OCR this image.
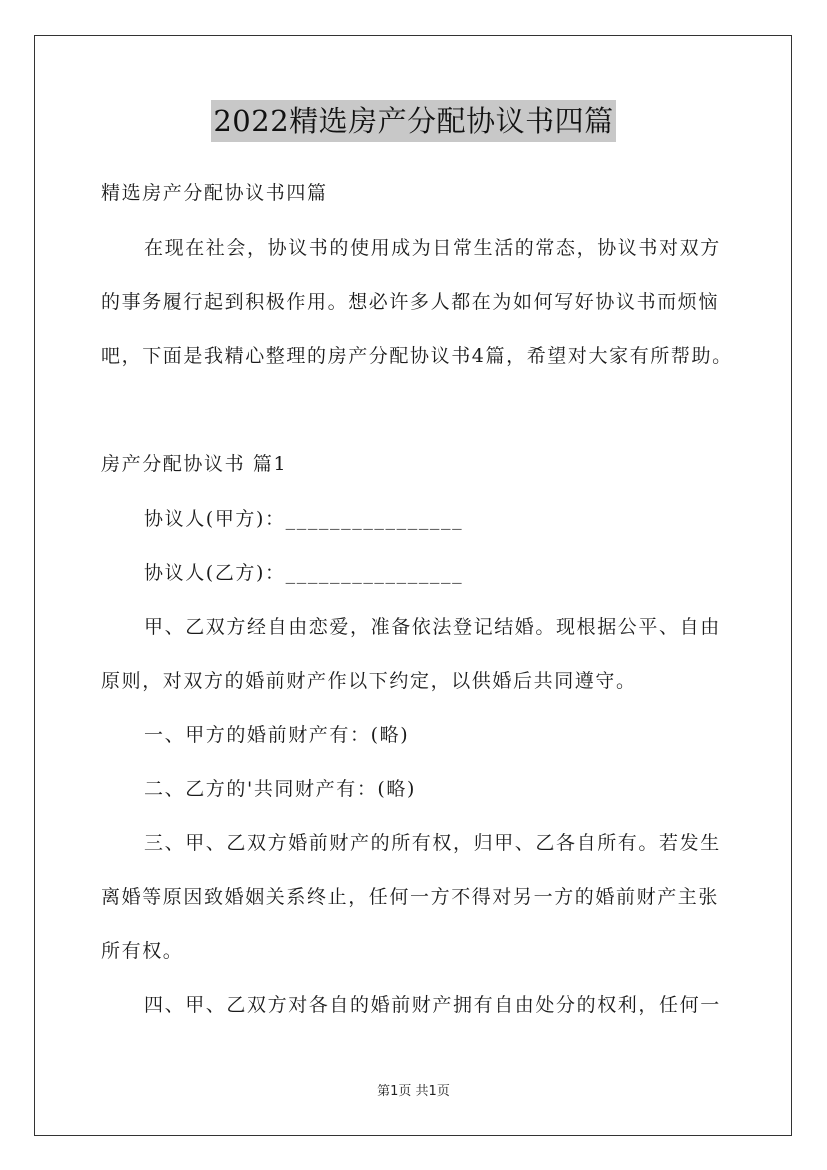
2022精选房产分配协议书四篇
精选房产分配协议书四篇
在现在社会，协议书的使用成为日常生活的常态，协议书对双方
的事务履行起到积极作用。想必许多人都在为如何写好协议书而烦恼
吧，下面是我精心整理的房产分配协议书4篇，希望对大家有所帮助。
房产分配协议书 篇1
协议人(甲方)：________________
协议人(乙方)：________________
甲、乙双方经自由恋爱，准备依法登记结婚。现根据公平、自由
原则，对双方的婚前财产作以下约定，以供婚后共同遵守。
一、甲方的婚前财产有：(略)
二、乙方的'共同财产有：(略)
三、甲、乙双方婚前财产的所有权，归甲、乙各自所有。若发生
离婚等原因致婚姻关系终止，任何一方不得对另一方的婚前财产主张
所有权。
四、甲、乙双方对各自的婚前财产拥有自由处分的权利，任何一
第1页 共1页
